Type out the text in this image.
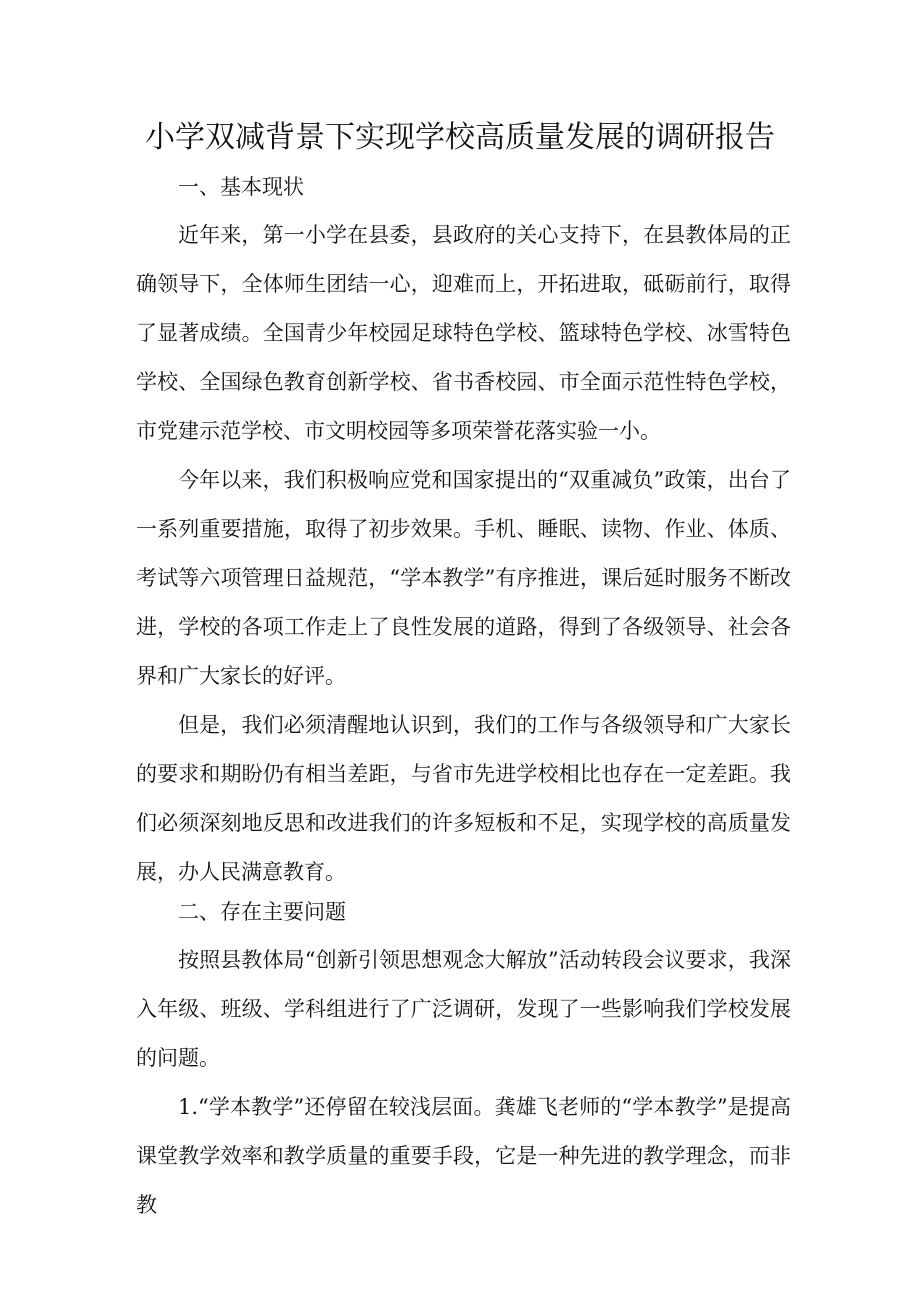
小学双减背景下实现学校高质量发展的调研报告
一、基本现状

近年来，第一小学在县委，县政府的关心支持下，在县教体局的正确领导下，全体师生团结一心，迎难而上，开拓进取，砥砺前行，取得了显著成绩。全国青少年校园足球特色学校、篮球特色学校、冰雪特色学校、全国绿色教育创新学校、省书香校园、市全面示范性特色学校，市党建示范学校、市文明校园等多项荣誉花落实验一小。

今年以来，我们积极响应党和国家提出的“双重减负”政策，出台了一系列重要措施，取得了初步效果。手机、睡眠、读物、作业、体质、考试等六项管理日益规范，“学本教学”有序推进，课后延时服务不断改进，学校的各项工作走上了良性发展的道路，得到了各级领导、社会各界和广大家长的好评。

但是，我们必须清醒地认识到，我们的工作与各级领导和广大家长的要求和期盼仍有相当差距，与省市先进学校相比也存在一定差距。我们必须深刻地反思和改进我们的许多短板和不足，实现学校的高质量发展，办人民满意教育。

二、存在主要问题

按照县教体局“创新引领思想观念大解放”活动转段会议要求，我深入年级、班级、学科组进行了广泛调研，发现了一些影响我们学校发展的问题。

1.“学本教学”还停留在较浅层面。龚雄飞老师的“学本教学”是提高课堂教学效率和教学质量的重要手段，它是一种先进的教学理念，而非教
